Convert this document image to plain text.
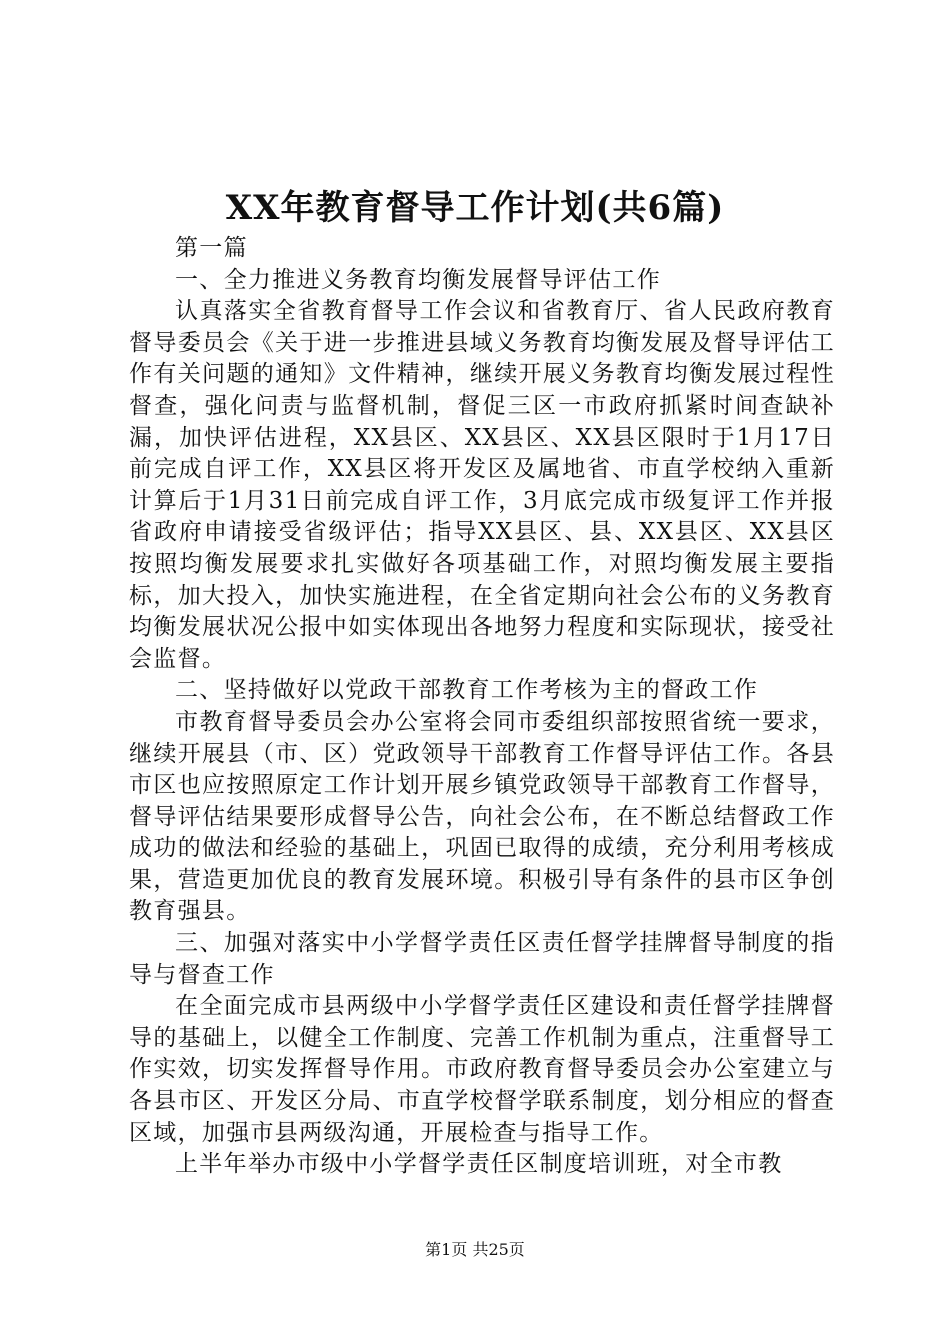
XX年教育督导工作计划(共6篇)

第一篇

一、全力推进义务教育均衡发展督导评估工作

认真落实全省教育督导工作会议和省教育厅、省人民政府教育督导委员会《关于进一步推进县域义务教育均衡发展及督导评估工作有关问题的通知》文件精神，继续开展义务教育均衡发展过程性督查，强化问责与监督机制，督促三区一市政府抓紧时间查缺补漏，加快评估进程，XX县区、XX县区、XX县区限时于1月17日前完成自评工作，XX县区将开发区及属地省、市直学校纳入重新计算后于1月31日前完成自评工作，3月底完成市级复评工作并报省政府申请接受省级评估；指导XX县区、县、XX县区、XX县区按照均衡发展要求扎实做好各项基础工作，对照均衡发展主要指标，加大投入，加快实施进程，在全省定期向社会公布的义务教育均衡发展状况公报中如实体现出各地努力程度和实际现状，接受社会监督。

二、坚持做好以党政干部教育工作考核为主的督政工作

市教育督导委员会办公室将会同市委组织部按照省统一要求，继续开展县（市、区）党政领导干部教育工作督导评估工作。各县市区也应按照原定工作计划开展乡镇党政领导干部教育工作督导，督导评估结果要形成督导公告，向社会公布，在不断总结督政工作成功的做法和经验的基础上，巩固已取得的成绩，充分利用考核成果，营造更加优良的教育发展环境。积极引导有条件的县市区争创教育强县。

三、加强对落实中小学督学责任区责任督学挂牌督导制度的指导与督查工作

在全面完成市县两级中小学督学责任区建设和责任督学挂牌督导的基础上，以健全工作制度、完善工作机制为重点，注重督导工作实效，切实发挥督导作用。市政府教育督导委员会办公室建立与各县市区、开发区分局、市直学校督学联系制度，划分相应的督查区域，加强市县两级沟通，开展检查与指导工作。

上半年举办市级中小学督学责任区制度培训班，对全市教

第1页 共25页
